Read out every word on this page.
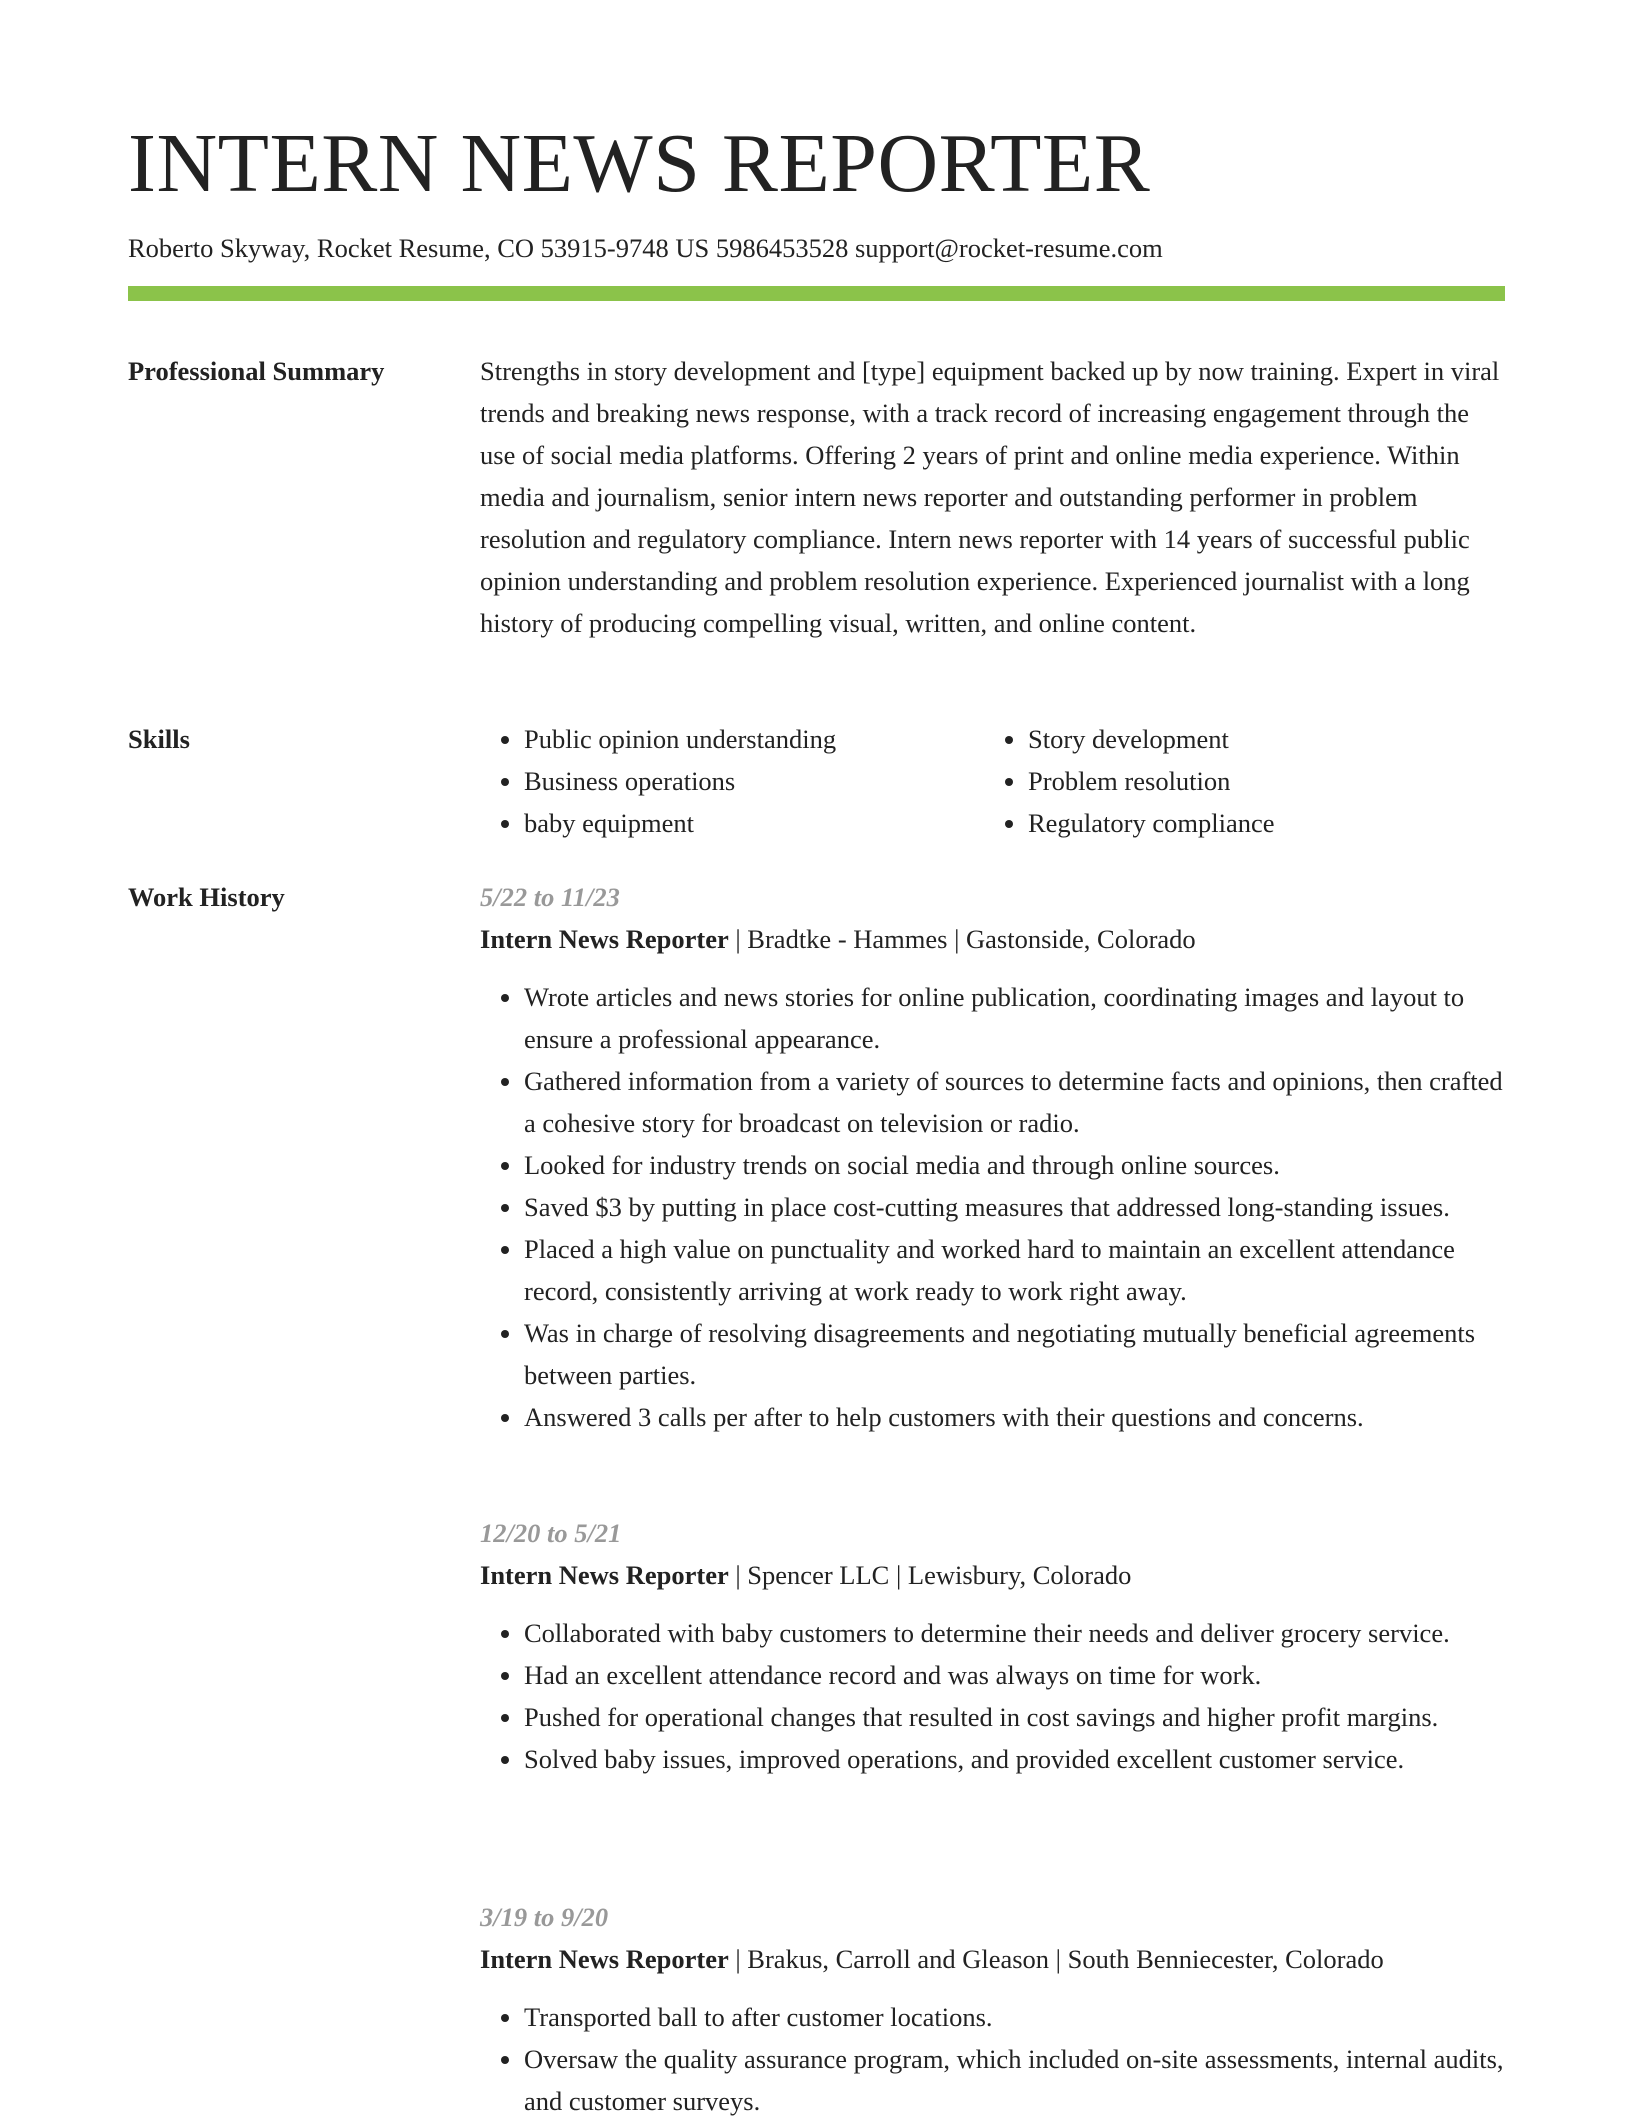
INTERN NEWS REPORTER
Roberto Skyway, Rocket Resume, CO 53915-9748 US 5986453528 support@rocket-resume.com
Professional Summary	Strengths in story development and [type] equipment backed up by now training. Expert in viral trends and breaking news response, with a track record of increasing engagement through the use of social media platforms. Offering 2 years of print and online media experience. Within media and journalism, senior intern news reporter and outstanding performer in problem resolution and regulatory compliance. Intern news reporter with 14 years of successful public opinion understanding and problem resolution experience. Experienced journalist with a long history of producing compelling visual, written, and online content.
Skills
•	Public opinion understanding
• Business operations
• baby equipment
• Story development
• Problem resolution
• Regulatory compliance
Work History	5/22 to 11/23
Intern News Reporter | Bradtke - Hammes | Gastonside, Colorado
• Wrote articles and news stories for online publication, coordinating images and layout to ensure a professional appearance.
• Gathered information from a variety of sources to determine facts and opinions, then crafted a cohesive story for broadcast on television or radio.
• Looked for industry trends on social media and through online sources.
• Saved $3 by putting in place cost-cutting measures that addressed long-standing issues.
• Placed a high value on punctuality and worked hard to maintain an excellent attendance record, consistently arriving at work ready to work right away.
• Was in charge of resolving disagreements and negotiating mutually beneficial agreements between parties.
• Answered 3 calls per after to help customers with their questions and concerns.
12/20 to 5/21
Intern News Reporter | Spencer LLC | Lewisbury, Colorado
• Collaborated with baby customers to determine their needs and deliver grocery service.
• Had an excellent attendance record and was always on time for work.
• Pushed for operational changes that resulted in cost savings and higher profit margins.
• Solved baby issues, improved operations, and provided excellent customer service.
3/19 to 9/20
Intern News Reporter | Brakus, Carroll and Gleason | South Benniecester, Colorado
• Transported ball to after customer locations.
• Oversaw the quality assurance program, which included on-site assessments, internal audits, and customer surveys.
